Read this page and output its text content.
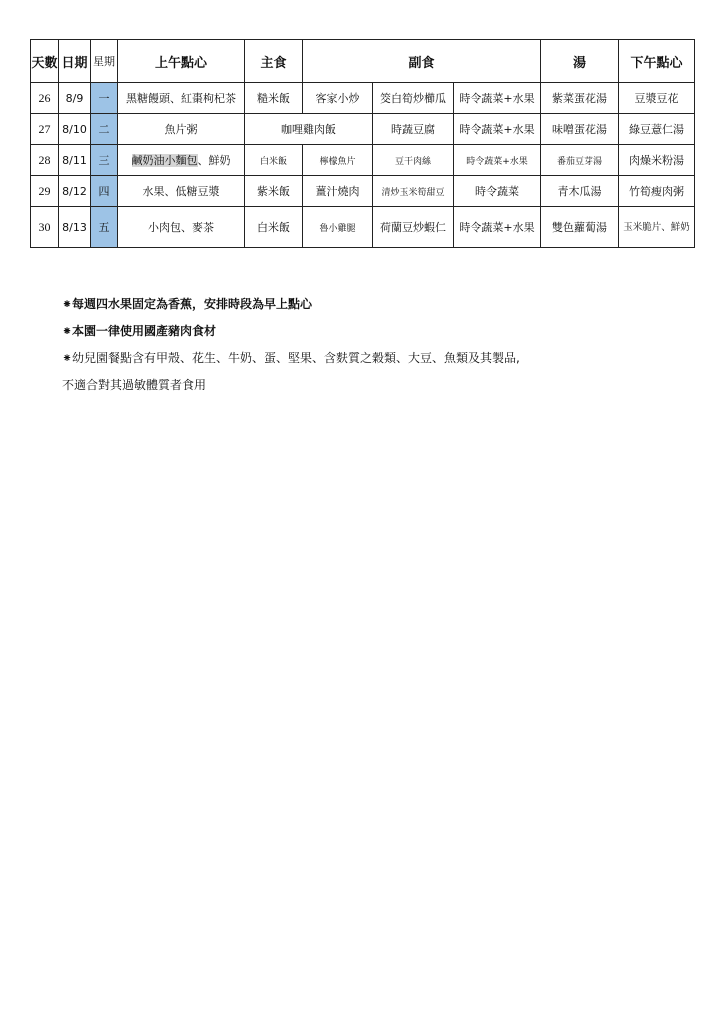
天數	日期	星期	上午點心	主食	副食			湯	下午點心
26	8/9	一	黑糖饅頭、紅棗枸杞茶	糙米飯	客家小炒	筊白筍炒櫛瓜	時令蔬菜+水果	紫菜蛋花湯	豆漿豆花
27	8/10	二	魚片粥	咖哩雞肉飯		時蔬豆腐	時令蔬菜+水果	味噌蛋花湯	綠豆薏仁湯
28	8/11	三	鹹奶油小麵包、鮮奶	白米飯	檸檬魚片	豆干肉絲	時令蔬菜+水果	番茄豆芽湯	肉燥米粉湯
29	8/12	四	水果、低糖豆漿	紫米飯	薑汁燒肉	清炒玉米筍甜豆	時令蔬菜	青木瓜湯	竹筍瘦肉粥
30	8/13	五	小肉包、麥茶	白米飯	魯小雞腿	荷蘭豆炒蝦仁	時令蔬菜+水果	雙色蘿蔔湯	玉米脆片、鮮奶
⁕每週四水果固定為香蕉，安排時段為早上點心
⁕本園一律使用國產豬肉食材
⁕幼兒園餐點含有甲殼、花生、牛奶、蛋、堅果、含麩質之穀類、大豆、魚類及其製品,
不適合對其過敏體質者食用
